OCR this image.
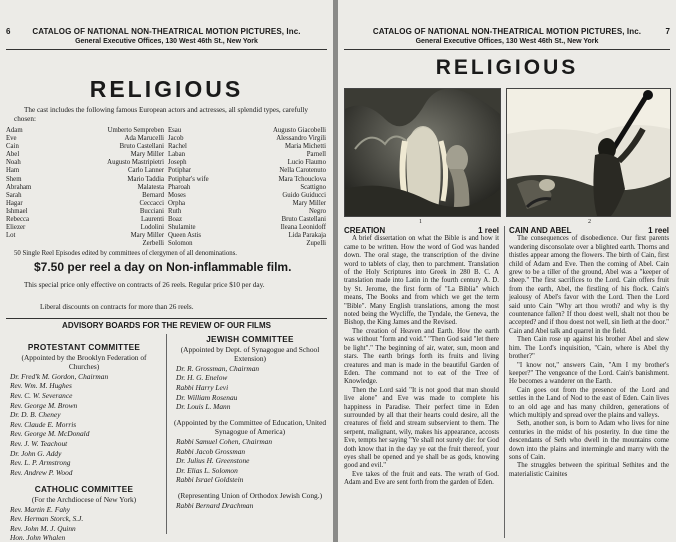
6	CATALOG OF NATIONAL NON-THEATRICAL MOTION PICTURES, Inc.
General Executive Offices, 130 West 46th St., New York
RELIGIOUS
The cast includes the following famous European actors and actresses, all splendid types, carefully chosen:
Adam	Umberto Sempreben
Eve	Ada Marucelli
Cain	Bruto Castellani
Abel	Mary Miller
Noah	Augusto Mastripietri
Ham	Carlo Lanner
Shem	Mario Taddia
Abraham	Malatesta
Sarah	Bernard
Hagar	Ceccacci
Ishmael	Bucciani
Rebecca	Laurenti
Eliezer	Lodolini
Lot	Mary Miller
Zerbelli
Esau	Augusto Giacobelli
Jacob	Alessandro Virgili
Rachel	Maria Michetti
Laban	Parnell
Joseph	Lucio Flaumo
Potiphar	Nella Carotenuto
Potiphar's wife	Mara Tchouclova
Pharoah	Scattigno
Moses	Guido Guiducci
Orpha	Mary Miller
Ruth	Negro
Boaz	Bruto Castellani
Shulamite	Ileana Leonidoff
Queen Astis	Lida Parakaja
Solomon	Zupelli
50 Single Reel Episodes edited by committees of clergymen of all denominations.
$7.50 per reel a day on Non-inflammable film.
This special price only effective on contracts of 26 reels. Regular price $10 per day.
Liberal discounts on contracts for more than 26 reels.
ADVISORY BOARDS FOR THE REVIEW OF OUR FILMS
PROTESTANT COMMITTEE
(Appointed by the Brooklyn Federation of Churches)
Dr. Fred'k M. Gordon, Chairman
Rev. Wm. M. Hughes
Rev. C. W. Severance
Rev. George M. Brown
Dr. D. B. Cheney
Rev. Claude E. Morris
Rev. George M. McDonald
Rev. J. W. Teachout
Dr. John G. Addy
Rev. L. P. Armstrong
Rev. Andrew P. Wood
CATHOLIC COMMITTEE
(For the Archdiocese of New York)
Rev. Martin E. Fahy
Rev. Herman Storck, S.J.
Rev. John M. J. Quinn
Hon. John Whalen
JEWISH COMMITTEE
(Appointed by Dept. of Synagogue and School Extension)
Dr. R. Grossman, Chairman
Dr. H. G. Enelow
Rabbi Harry Levi
Dr. William Rosenau
Dr. Louis L. Mann
(Appointed by the Committee of Education, United Synagogue of America)
Rabbi Samuel Cohen, Chairman
Rabbi Jacob Grossman
Dr. Julius H. Greenstone
Dr. Elias L. Solomon
Rabbi Israel Goldstein
(Representing Union of Orthodox Jewish Cong.)
Rabbi Bernard Drachman
CATALOG OF NATIONAL NON-THEATRICAL MOTION PICTURES, Inc.	7
General Executive Offices, 130 West 46th St., New York
RELIGIOUS
1	2

CREATION	1 reel

A brief dissertation on what the Bible is and how it came to be written. How the word of God was handed down. The oral stage, the transcription of the divine word to tablets of clay, then to parchment. Translation of the Holy Scriptures into Greek in 280 B. C. A translation made into Latin in the fourth century A. D. by St. Jerome, the first form of "La Biblia" which means, The Books and from which we get the term "Bible". Many English translations, among the most noted being the Wycliffe, the Tyndale, the Geneva, the Bishop, the King James and the Revised.

The creation of Heaven and Earth. How the earth was without "form and void." "Then God said "let there be light"." The beginning of air, water, sun, moon and stars. The earth brings forth its fruits and living creatures and man is made in the beautiful Garden of Eden. The command not to eat of the Tree of Knowledge.

Then the Lord said "It is not good that man should live alone" and Eve was made to complete his happiness in Paradise. Their perfect time in Eden surrounded by all that their hearts could desire, all the creatures of field and stream subservient to them. The serpent, malignant, wily, makes his appearance, accosts Eve, tempts her saying "Ye shall not surely die: for God doth know that in the day ye eat the fruit thereof, your eyes shall be opened and ye shall be as gods, knowing good and evil."

Eve takes of the fruit and eats. The wrath of God. Adam and Eve are sent forth from the garden of Eden.

CAIN AND ABEL	1 reel

The consequences of disobedience. Our first parents wandering disconsolate over a blighted earth. Thorns and thistles appear among the flowers. The birth of Cain, first child of Adam and Eve. Then the coming of Abel. Cain grew to be a tiller of the ground, Abel was a "keeper of sheep." The first sacrifices to the Lord. Cain offers fruit from the earth, Abel, the firstling of his flock. Cain's jealousy of Abel's favor with the Lord. Then the Lord said unto Cain "Why art thou wroth? and why is thy countenance fallen? If thou doest well, shalt not thou be accepted? and if thou doest not well, sin lieth at the door." Cain and Abel talk and quarrel in the field.

Then Cain rose up against his brother Abel and slew him. The Lord's inquisition, "Cain, where is Abel thy brother?"

"I know not," answers Cain, "Am I my brother's keeper?" The vengeance of the Lord. Cain's banishment. He becomes a wanderer on the Earth.

Cain goes out from the presence of the Lord and settles in the Land of Nod to the east of Eden. Cain lives to an old age and has many children, generations of which multiply and spread over the plains and valleys.

Seth, another son, is born to Adam who lives for nine centuries in the midst of his posterity. In due time the descendants of Seth who dwell in the mountains come down into the plains and intermingle and marry with the sons of Cain.

The struggles between the spiritual Sethites and the materialistic Cainites
